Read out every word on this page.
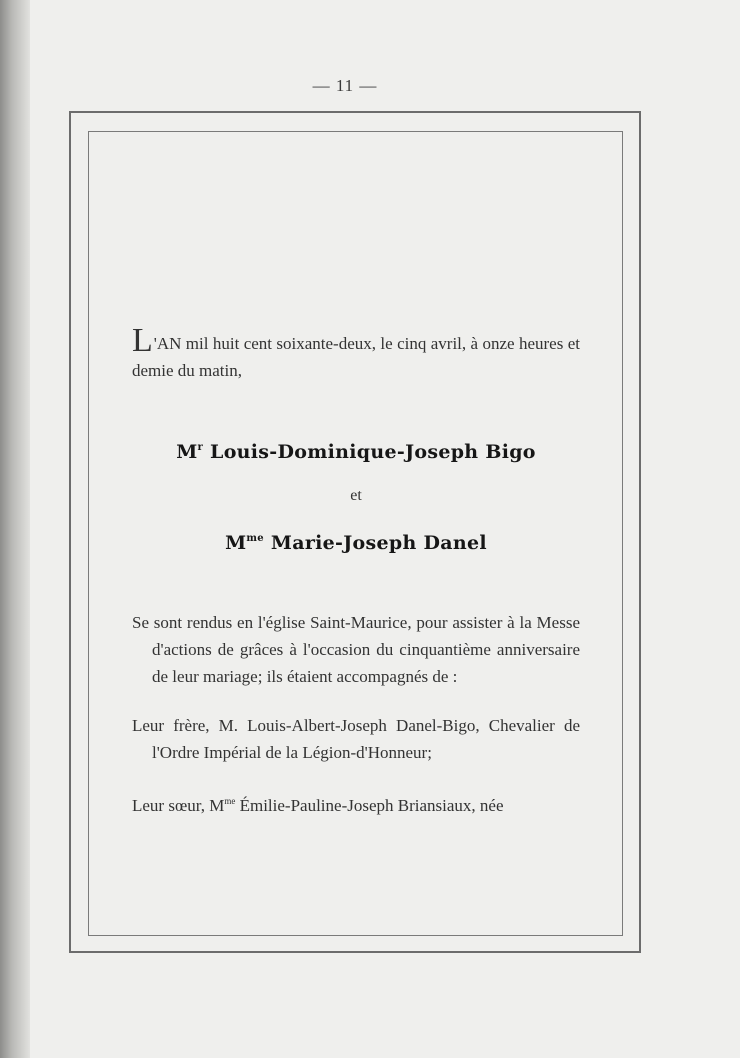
— 11 —

L'AN mil huit cent soixante-deux, le cinq avril, à onze heures et demie du matin,

$M^r$ Louis-Dominique-Joseph Bigo

et

$M^{me}$ Marie-Joseph Danel

Se sont rendus en l'église Saint-Maurice, pour assister à la Messe d'actions de grâces à l'occasion du cinquantième anniversaire de leur mariage; ils étaient accompagnés de :

Leur frère, M. Louis-Albert-Joseph Danel-Bigo, Chevalier de l'Ordre Impérial de la Légion-d'Honneur;

Leur sœur, $M^{me}$ Émilie-Pauline-Joseph Briansiaux, née
